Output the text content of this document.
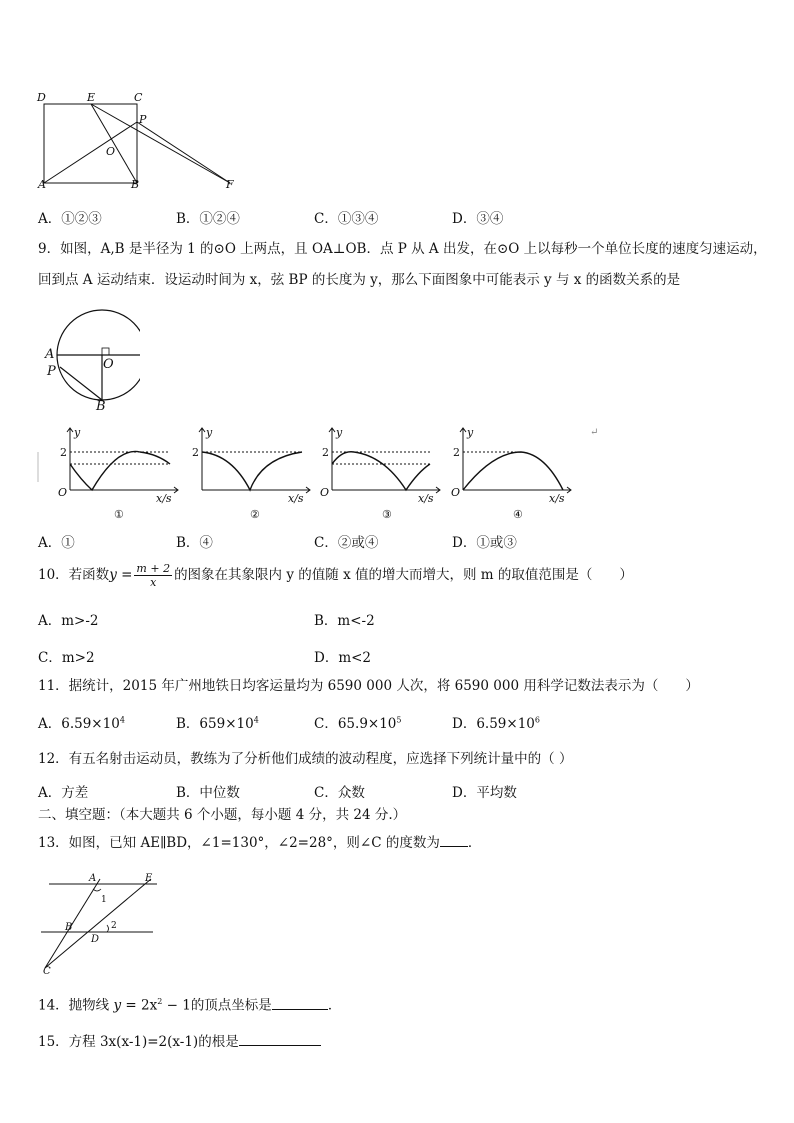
D	E	C
P
O
A	B	F
A．①②③	B．①②④	C．①③④	D．③④
9．如图，A,B 是半径为 1 的⊙O 上两点，且 OA⊥OB．点 P 从 A 出发，在⊙O 上以每秒一个单位长度的速度匀速运动，
回到点 A 运动结束．设运动时间为 x，弦 BP 的长度为 y，那么下面图象中可能表示 y 与 x 的函数关系的是
A
O
P
B
↵
y
2
O	x/s
①
y
2
x/s
②
y
2
O	x/s
③
y
2
O	x/s
④
A．①	B．④	C．②或④	D．①或③
10．若函数$y = \frac{m + 2}{x}$ 的图象在其象限内 y 的值随 x 值的增大而增大，则 m 的取值范围是（　　）
A．m>-2	B．m<-2
C．m>2	D．m<2
11．据统计，2015 年广州地铁日均客运量均为 6590 000 人次，将 6590 000 用科学记数法表示为（　　）
A．$6.59\times 10^4$	B．$659\times 10^4$	C．$65.9\times 10^5$	D．$6.59\times 10^6$
12．有五名射击运动员，教练为了分析他们成绩的波动程度，应选择下列统计量中的（ ）
A．方差	B．中位数	C．众数	D．平均数
二、填空题：（本大题共 6 个小题，每小题 4 分，共 24 分.）
13．如图，已知 AE∥BD，∠1=130°，∠2=28°，则∠C 的度数为 ．
A	E
1
B
D
2
C
14．抛物线 $y = 2x^2 - 1$的顶点坐标是	．
15．方程 3x(x-1)=2(x-1)的根是
